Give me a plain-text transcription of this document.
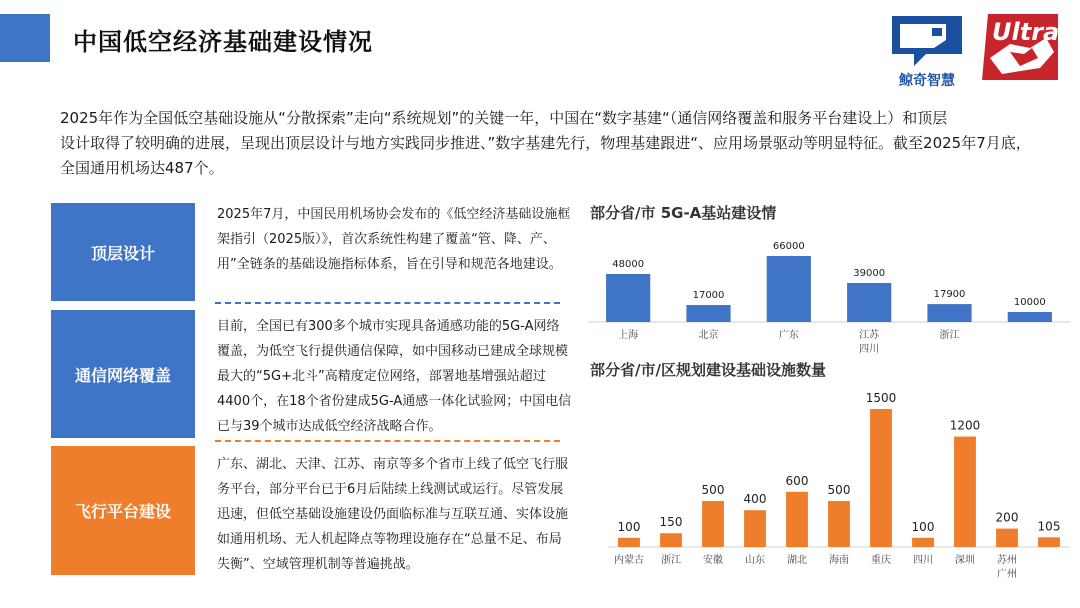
中国低空经济基础建设情况
鲸奇智慧
Ultra

2025年作为全国低空基础设施从“分散探索”走向“系统规划”的关键一年，中国在“数字基建“（通信网络覆盖和服务平台建设上）和顶层

设计取得了较明确的进展，呈现出顶层设计与地方实践同步推进、”数字基建先行，物理基建跟进“、应用场景驱动等明显特征。截至2025年7月底，全国通用机场达487个。

顶层设计
通信网络覆盖
飞行平台建设

2025年7月，中国民用机场协会发布的《低空经济基础设施框架指引（2025版）》，首次系统性构建了覆盖“管、降、产、用”全链条的基础设施指标体系，旨在引导和规范各地建设。

目前，全国已有300多个城市实现具备通感功能的5G-A网络覆盖，为低空飞行提供通信保障，如中国移动已建成全球规模最大的“5G+北斗”高精度定位网络，部署地基增强站超过4400个，在18个省份建成5G-A通感一体化试验网；中国电信已与39个城市达成低空经济战略合作。

广东、湖北、天津、江苏、南京等多个省市上线了低空飞行服务平台，部分平台已于6月后陆续上线测试或运行。尽管发展迅速，但低空基础设施建设仍面临标准与互联互通、实体设施如通用机场、无人机起降点等物理设施存在“总量不足、布局失衡”、空域管理机制等普遍挑战。

部分省/市 5G-A基站建设情
48000
上海
17000
北京
66000
广东
39000
江苏四川
17900
浙江
10000
部分省/市/区规划建设基础设施数量
100
内蒙古
150
浙江
500
安徽
400
山东
600
湖北
500
海南
1500
重庆
100
四川
1200
深圳
200
苏州广州
105
